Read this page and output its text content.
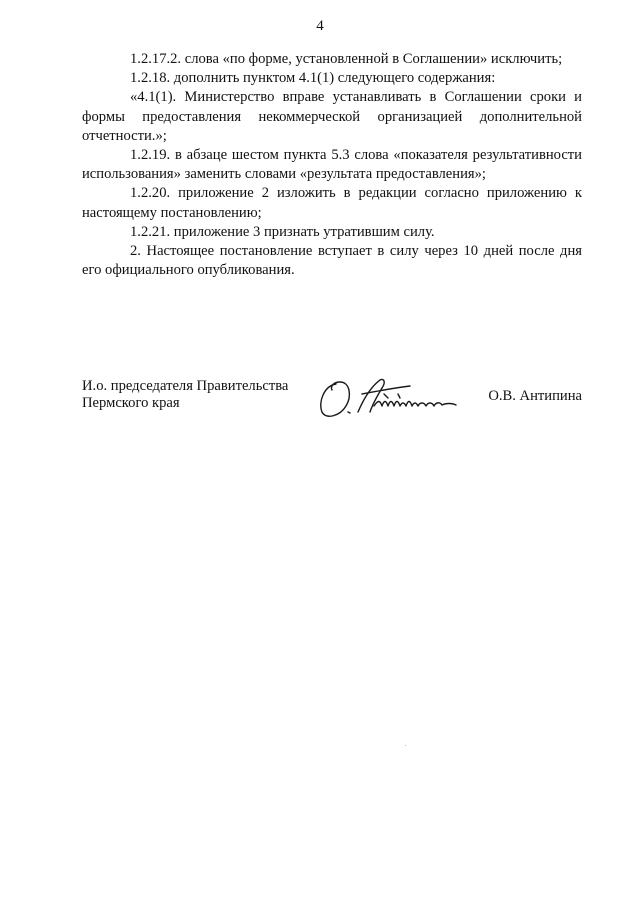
4

1.2.17.2. слова «по форме, установленной в Соглашении» исключить;

1.2.18. дополнить пунктом 4.1(1) следующего содержания:

«4.1(1). Министерство вправе устанавливать в Соглашении сроки и формы предоставления некоммерческой организацией дополнительной отчетности.»;

1.2.19. в абзаце шестом пункта 5.3 слова «показателя результативности использования» заменить словами «результата предоставления»;

1.2.20. приложение 2 изложить в редакции согласно приложению к настоящему постановлению;

1.2.21. приложение 3 признать утратившим силу.

2. Настоящее постановление вступает в силу через 10 дней после дня его официального опубликования.

И.о. председателя Правительства
Пермского края	О.В. Антипина
